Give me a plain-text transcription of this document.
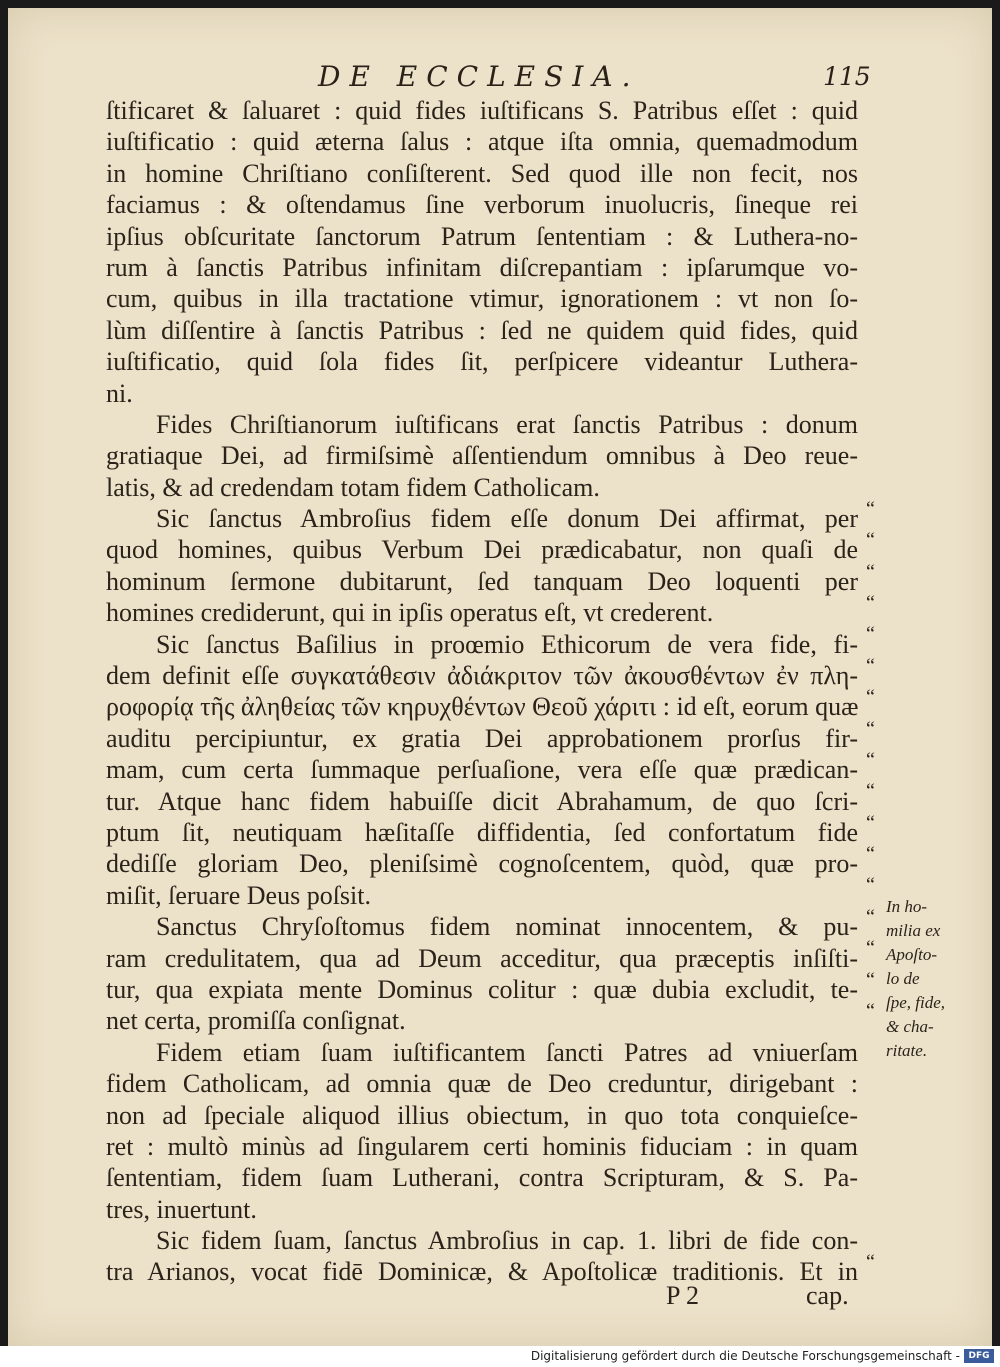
DE ECCLESIA.	115
ſtificaret & ſaluaret : quid fides iuſtificans S. Patribus eſſet : quid
iuſtificatio : quid æterna ſalus : atque iſta omnia, quemadmodum
in homine Chriſtiano conſiſterent. Sed quod ille non fecit, nos
faciamus : & oſtendamus ſine verborum inuolucris, ſineque rei
ipſius obſcuritate ſanctorum Patrum ſententiam : & Luthera-no-
rum à ſanctis Patribus infinitam diſcrepantiam : ipſarumque vo-
cum, quibus in illa tractatione vtimur, ignorationem : vt non ſo-
lùm diſſentire à ſanctis Patribus : ſed ne quidem quid fides, quid
iuſtificatio, quid ſola fides ſit, perſpicere videantur Luthera-
ni.
Fides Chriſtianorum iuſtificans erat ſanctis Patribus : donum
gratiaque Dei, ad firmiſsimè aſſentiendum omnibus à Deo reue-
latis, & ad credendam totam fidem Catholicam.
Sic ſanctus Ambroſius fidem eſſe donum Dei affirmat, per
quod homines, quibus Verbum Dei prædicabatur, non quaſi de
hominum ſermone dubitarunt, ſed tanquam Deo loquenti per
homines crediderunt, qui in ipſis operatus eſt, vt crederent.
Sic ſanctus Baſilius in proœmio Ethicorum de vera fide, fi-
dem definit eſſe συγκατάθεσιν ἀδιάκριτον τῶν ἀκουσθέντων ἐν πλη-
ροφορίᾳ τῆς ἀληθείας τῶν κηρυχθέντων Θεοῦ χάριτι : id eſt, eorum quæ
auditu percipiuntur, ex gratia Dei approbationem prorſus fir-
mam, cum certa ſummaque perſuaſione, vera eſſe quæ prædican-
tur. Atque hanc fidem habuiſſe dicit Abrahamum, de quo ſcri-
ptum ſit, neutiquam hæſitaſſe diffidentia, ſed confortatum fide
dediſſe gloriam Deo, pleniſsimè cognoſcentem, quòd, quæ pro-
miſit, ſeruare Deus poſsit.
Sanctus Chryſoſtomus fidem nominat innocentem, & pu-
ram credulitatem, qua ad Deum acceditur, qua præceptis inſiſti-
tur, qua expiata mente Dominus colitur : quæ dubia excludit, te-
net certa, promiſſa conſignat.
Fidem etiam ſuam iuſtificantem ſancti Patres ad vniuerſam
fidem Catholicam, ad omnia quæ de Deo creduntur, dirigebant :
non ad ſpeciale aliquod illius obiectum, in quo tota conquieſce-
ret : multò minùs ad ſingularem certi hominis fiduciam : in quam
ſententiam, fidem ſuam Lutherani, contra Scripturam, & S. Pa-
tres, inuertunt.
Sic fidem ſuam, ſanctus Ambroſius in cap. 1. libri de fide con-
tra Arianos, vocat fidē Dominicæ, & Apoſtolicæ traditionis. Et in
“
“
“
“
“
“
“
“
“
“
“
“
“
“
“
“
“
“
In ho-
milia ex
Apoſto-
lo de
ſpe, fide,
& cha-
ritate.
P 2	cap.
Digitalisierung gefördert durch die Deutsche Forschungsgemeinschaft - DFG
